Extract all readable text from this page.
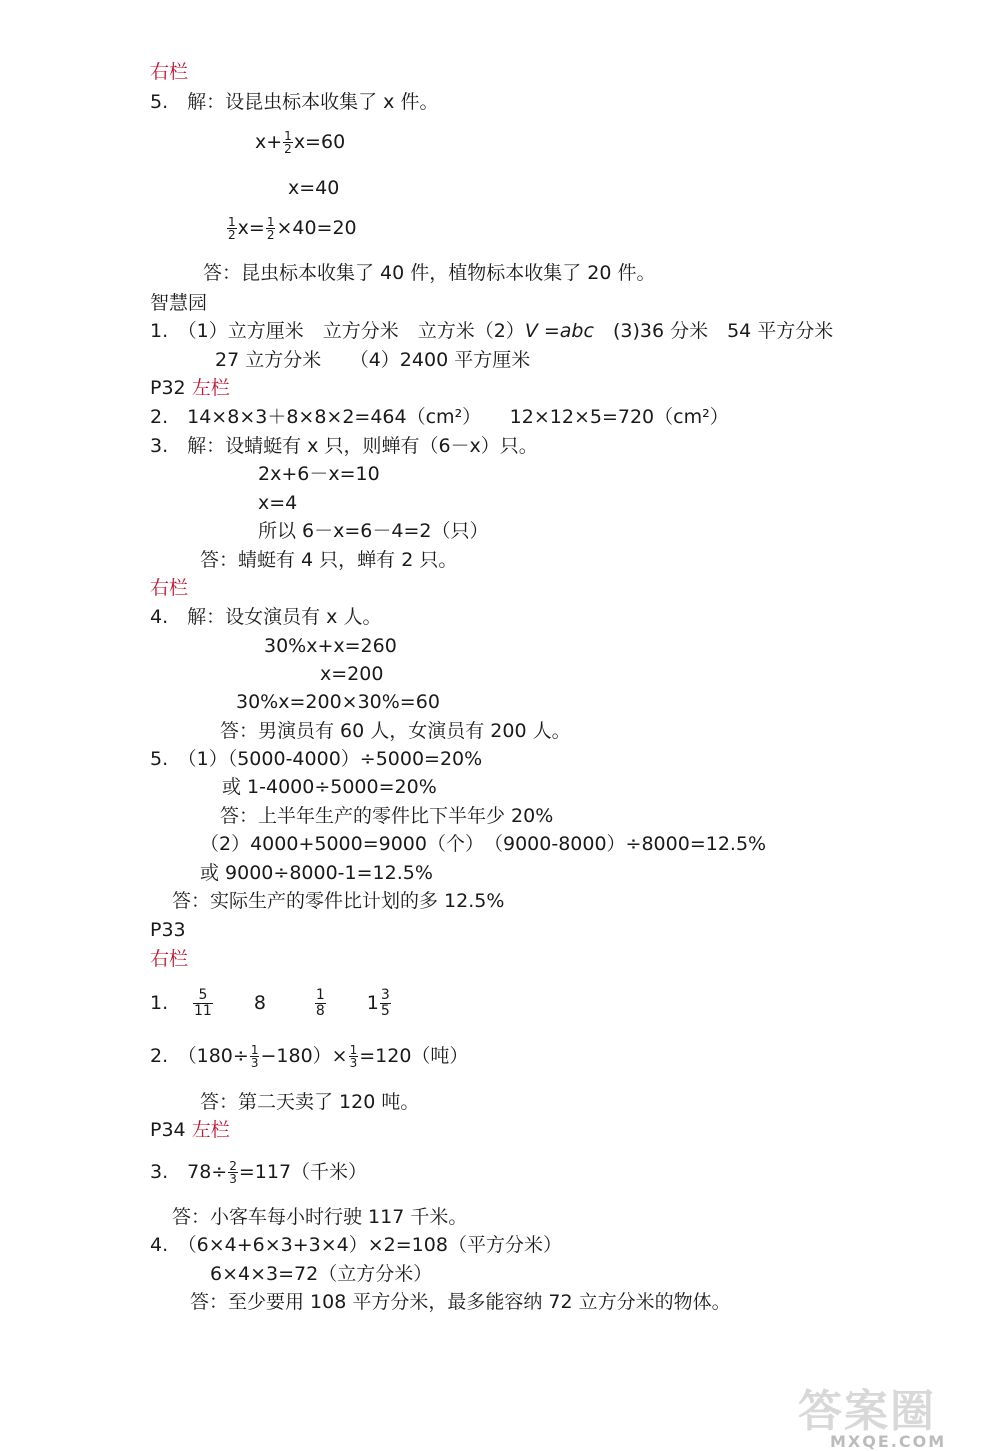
右栏
5.　解：设昆虫标本收集了 x 件。
$x+ \frac{1}{2} x=60$
x=40
$\frac{1}{2} x= \frac{1}{2} \times 40=20$
答：昆虫标本收集了 40 件，植物标本收集了 20 件。
智慧园
1.　（1）立方厘米　立方分米　立方米（2）V =abc　(3)36 分米　54 平方分米
27 立方分米　　（4）2400 平方厘米
P32 左栏
2.　14×8×3＋8×8×2=464（cm²）　　12×12×5=720（cm²）
3.　解：设蜻蜓有 x 只，则蝉有（6－x）只。
2x+6－x=10
x=4
所以 6－x=6－4=2（只）
答：蜻蜓有 4 只，蝉有 2 只。
右栏
4.　解：设女演员有 x 人。
30%x+x=260
x=200
30%x=200×30%=60
答：男演员有 60 人，女演员有 200 人。
5.　（1）（5000-4000）÷5000=20%
或 1-4000÷5000=20%
答：上半年生产的零件比下半年少 20%
（2）4000+5000=9000（个）　（9000-8000）÷8000=12.5%
或 9000÷8000-1=12.5%
答：实际生产的零件比计划的多 12.5%
P33
右栏
1. $\frac{5}{11} 8$	$\frac{1}{8} 1 \frac{3}{5}$
2.　$(180\div \frac{1}{3} -180)\times \frac{1}{3} =120$（吨）
答：第二天卖了 120 吨。
P34 左栏
3.　$78\div \frac{2}{3} =117$（千米）
答：小客车每小时行驶 117 千米。
4.　（6×4+6×3+3×4）×2=108（平方分米）
6×4×3=72（立方分米）
答：至少要用 108 平方分米，最多能容纳 72 立方分米的物体。
答案圈
MXQE.COM
